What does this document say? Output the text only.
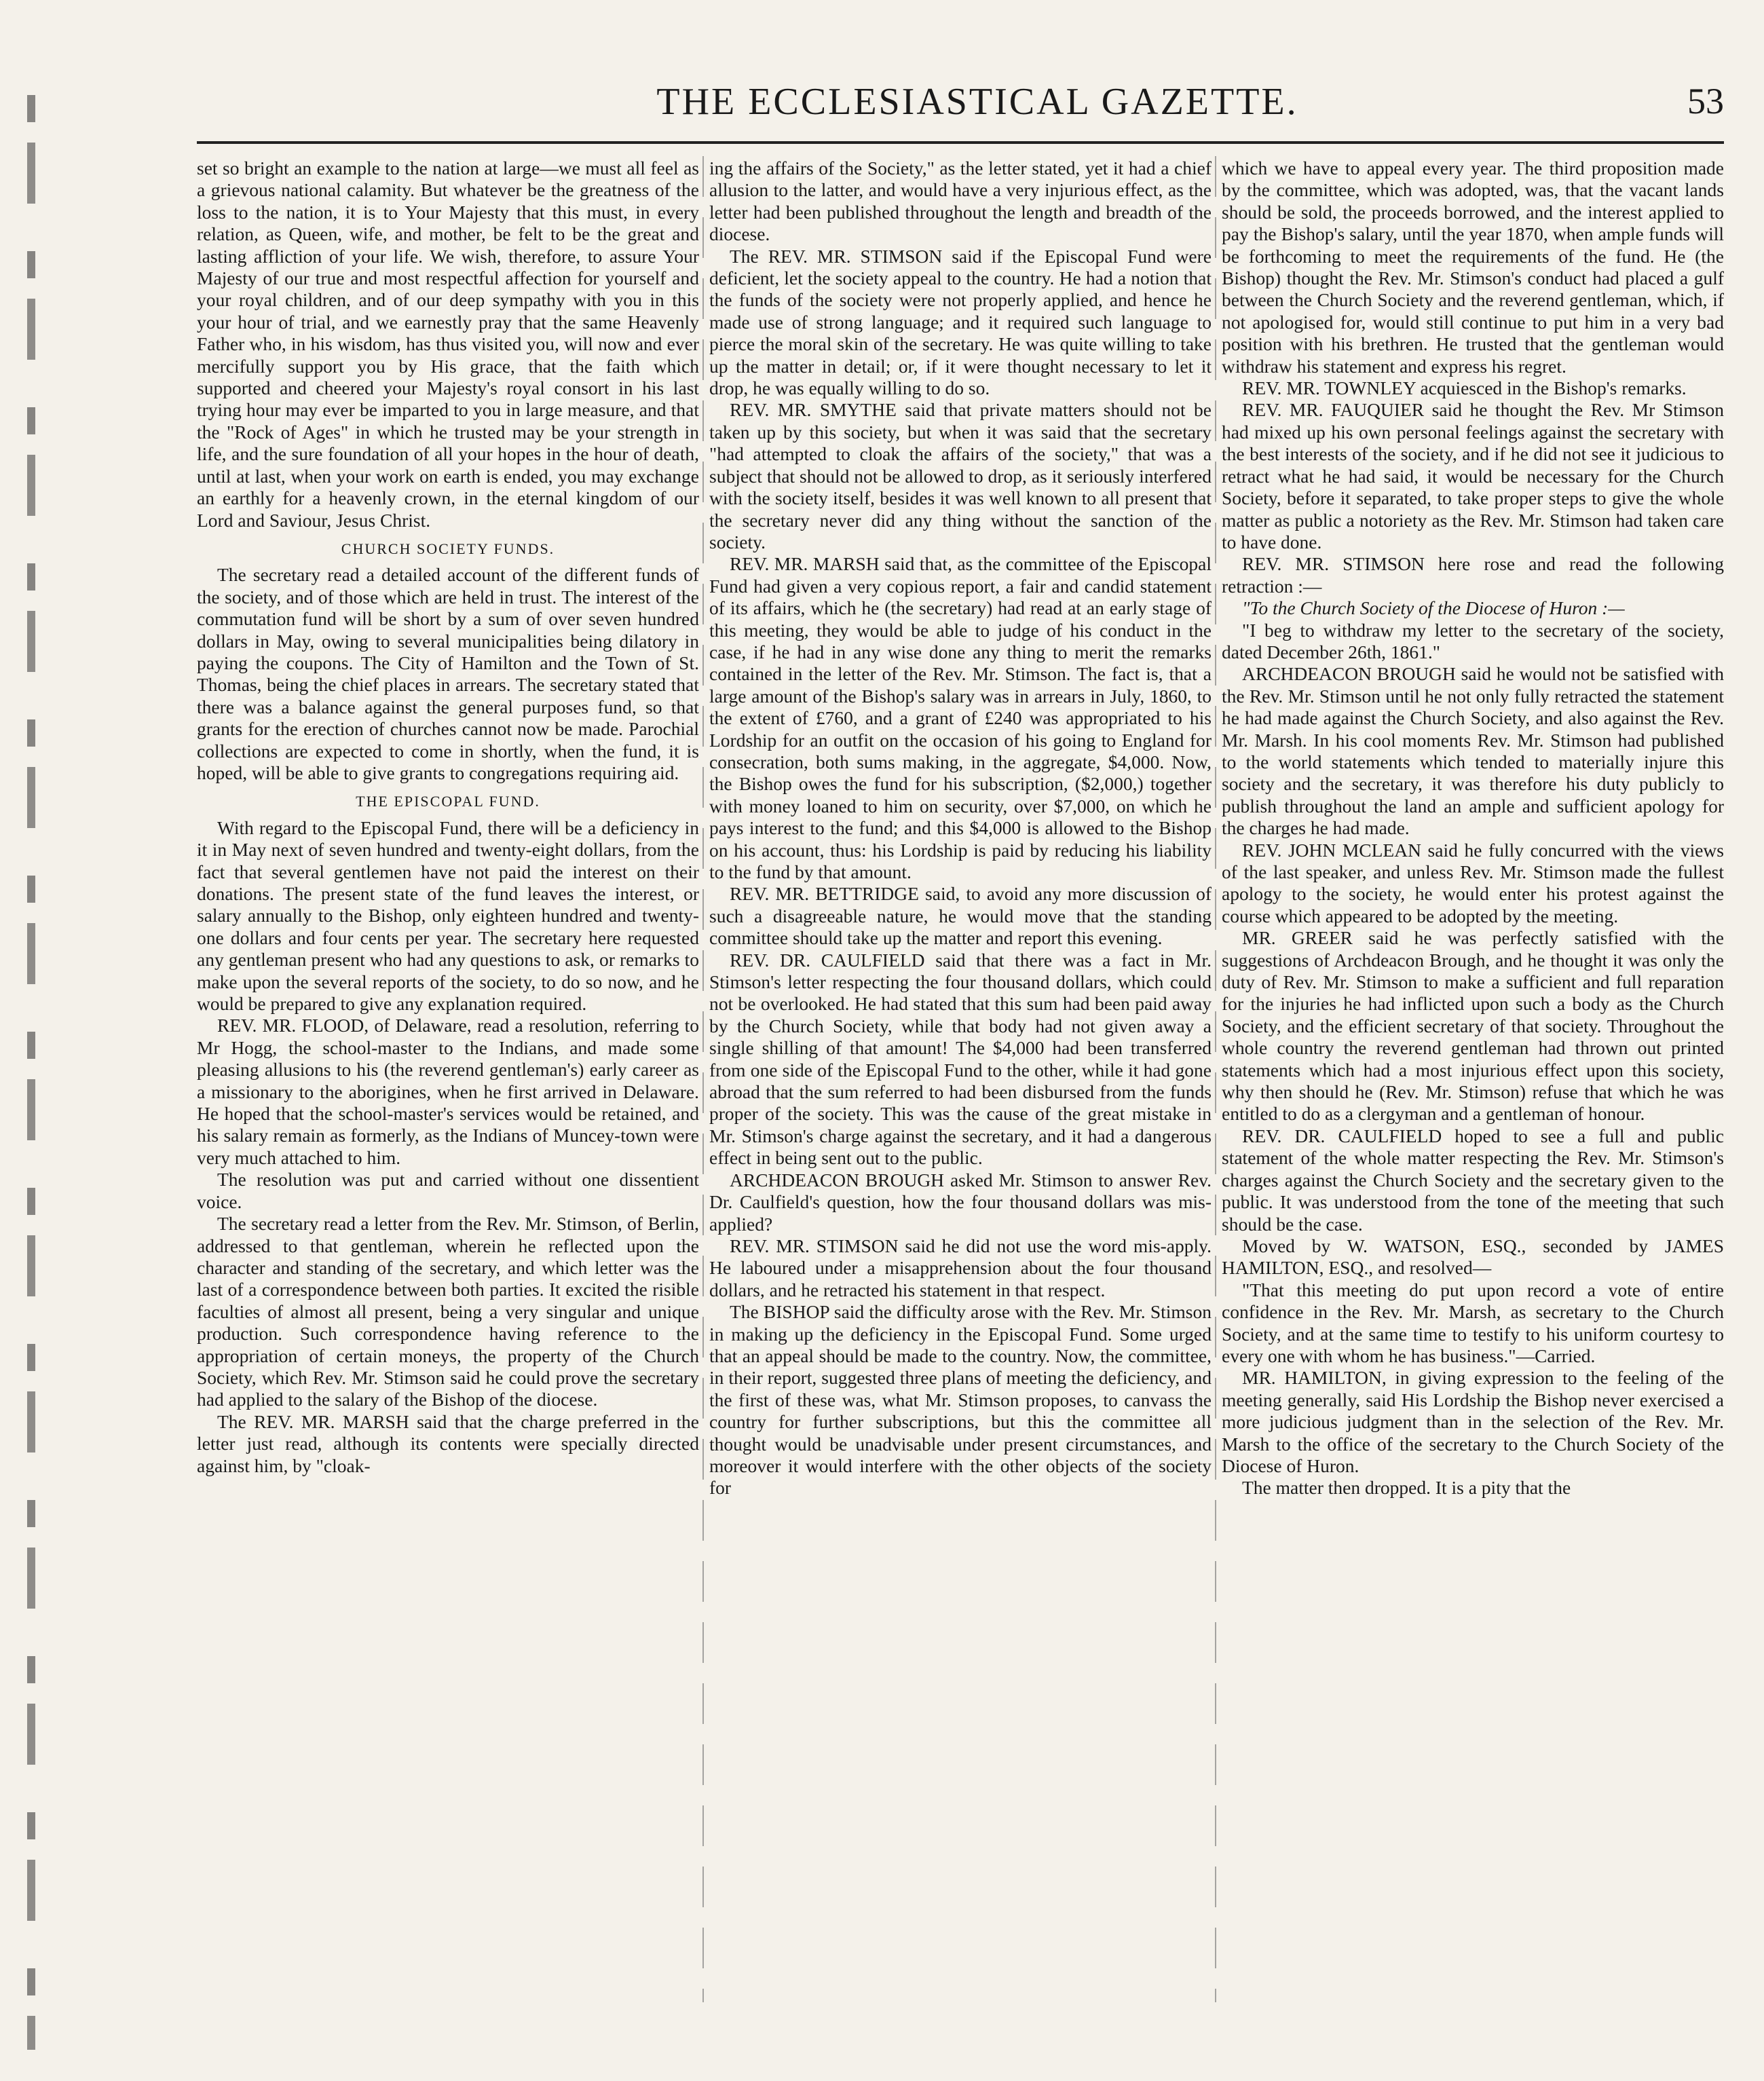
THE ECCLESIASTICAL GAZETTE.	53

set so bright an example to the nation at large—we must all feel as a grievous national calamity. But whatever be the greatness of the loss to the nation, it is to Your Majesty that this must, in every relation, as Queen, wife, and mother, be felt to be the great and lasting affliction of your life. We wish, therefore, to assure Your Majesty of our true and most respectful affection for yourself and your royal children, and of our deep sympathy with you in this your hour of trial, and we earnestly pray that the same Heavenly Father who, in his wisdom, has thus visited you, will now and ever mercifully support you by His grace, that the faith which supported and cheered your Majesty's royal consort in his last trying hour may ever be imparted to you in large measure, and that the "Rock of Ages" in which he trusted may be your strength in life, and the sure foundation of all your hopes in the hour of death, until at last, when your work on earth is ended, you may exchange an earthly for a heavenly crown, in the eternal kingdom of our Lord and Saviour, Jesus Christ.

CHURCH SOCIETY FUNDS.

The secretary read a detailed account of the different funds of the society, and of those which are held in trust. The interest of the commutation fund will be short by a sum of over seven hundred dollars in May, owing to several municipalities being dilatory in paying the coupons. The City of Hamilton and the Town of St. Thomas, being the chief places in arrears. The secretary stated that there was a balance against the general purposes fund, so that grants for the erection of churches cannot now be made. Parochial collections are expected to come in shortly, when the fund, it is hoped, will be able to give grants to congregations requiring aid.

THE EPISCOPAL FUND.

With regard to the Episcopal Fund, there will be a deficiency in it in May next of seven hundred and twenty-eight dollars, from the fact that several gentlemen have not paid the interest on their donations. The present state of the fund leaves the interest, or salary annually to the Bishop, only eighteen hundred and twenty-one dollars and four cents per year. The secretary here requested any gentleman present who had any questions to ask, or remarks to make upon the several reports of the society, to do so now, and he would be prepared to give any explanation required.

REV. MR. FLOOD, of Delaware, read a resolution, referring to Mr Hogg, the school-master to the Indians, and made some pleasing allusions to his (the reverend gentleman's) early career as a missionary to the aborigines, when he first arrived in Delaware. He hoped that the school-master's services would be retained, and his salary remain as formerly, as the Indians of Muncey-town were very much attached to him.

The resolution was put and carried without one dissentient voice.

The secretary read a letter from the Rev. Mr. Stimson, of Berlin, addressed to that gentleman, wherein he reflected upon the character and standing of the secretary, and which letter was the last of a correspondence between both parties. It excited the risible faculties of almost all present, being a very singular and unique production. Such correspondence having reference to the appropriation of certain moneys, the property of the Church Society, which Rev. Mr. Stimson said he could prove the secretary had applied to the salary of the Bishop of the diocese.

The REV. MR. MARSH said that the charge preferred in the letter just read, although its contents were specially directed against him, by "cloak-

ing the affairs of the Society," as the letter stated, yet it had a chief allusion to the latter, and would have a very injurious effect, as the letter had been published throughout the length and breadth of the diocese.

The REV. MR. STIMSON said if the Episcopal Fund were deficient, let the society appeal to the country. He had a notion that the funds of the society were not properly applied, and hence he made use of strong language; and it required such language to pierce the moral skin of the secretary. He was quite willing to take up the matter in detail; or, if it were thought necessary to let it drop, he was equally willing to do so.

REV. MR. SMYTHE said that private matters should not be taken up by this society, but when it was said that the secretary "had attempted to cloak the affairs of the society," that was a subject that should not be allowed to drop, as it seriously interfered with the society itself, besides it was well known to all present that the secretary never did any thing without the sanction of the society.

REV. MR. MARSH said that, as the committee of the Episcopal Fund had given a very copious report, a fair and candid statement of its affairs, which he (the secretary) had read at an early stage of this meeting, they would be able to judge of his conduct in the case, if he had in any wise done any thing to merit the remarks contained in the letter of the Rev. Mr. Stimson. The fact is, that a large amount of the Bishop's salary was in arrears in July, 1860, to the extent of £760, and a grant of £240 was appropriated to his Lordship for an outfit on the occasion of his going to England for consecration, both sums making, in the aggregate, $4,000. Now, the Bishop owes the fund for his subscription, ($2,000,) together with money loaned to him on security, over $7,000, on which he pays interest to the fund; and this $4,000 is allowed to the Bishop on his account, thus: his Lordship is paid by reducing his liability to the fund by that amount.

REV. MR. BETTRIDGE said, to avoid any more discussion of such a disagreeable nature, he would move that the standing committee should take up the matter and report this evening.

REV. DR. CAULFIELD said that there was a fact in Mr. Stimson's letter respecting the four thousand dollars, which could not be overlooked. He had stated that this sum had been paid away by the Church Society, while that body had not given away a single shilling of that amount! The $4,000 had been transferred from one side of the Episcopal Fund to the other, while it had gone abroad that the sum referred to had been disbursed from the funds proper of the society. This was the cause of the great mistake in Mr. Stimson's charge against the secretary, and it had a dangerous effect in being sent out to the public.

ARCHDEACON BROUGH asked Mr. Stimson to answer Rev. Dr. Caulfield's question, how the four thousand dollars was mis-applied?

REV. MR. STIMSON said he did not use the word mis-apply. He laboured under a misapprehension about the four thousand dollars, and he retracted his statement in that respect.

The BISHOP said the difficulty arose with the Rev. Mr. Stimson in making up the deficiency in the Episcopal Fund. Some urged that an appeal should be made to the country. Now, the committee, in their report, suggested three plans of meeting the deficiency, and the first of these was, what Mr. Stimson proposes, to canvass the country for further subscriptions, but this the committee all thought would be unadvisable under present circumstances, and moreover it would interfere with the other objects of the society for

which we have to appeal every year. The third proposition made by the committee, which was adopted, was, that the vacant lands should be sold, the proceeds borrowed, and the interest applied to pay the Bishop's salary, until the year 1870, when ample funds will be forthcoming to meet the requirements of the fund. He (the Bishop) thought the Rev. Mr. Stimson's conduct had placed a gulf between the Church Society and the reverend gentleman, which, if not apologised for, would still continue to put him in a very bad position with his brethren. He trusted that the gentleman would withdraw his statement and express his regret.

REV. MR. TOWNLEY acquiesced in the Bishop's remarks.

REV. MR. FAUQUIER said he thought the Rev. Mr Stimson had mixed up his own personal feelings against the secretary with the best interests of the society, and if he did not see it judicious to retract what he had said, it would be necessary for the Church Society, before it separated, to take proper steps to give the whole matter as public a notoriety as the Rev. Mr. Stimson had taken care to have done.

REV. MR. STIMSON here rose and read the following retraction :—

"To the Church Society of the Diocese of Huron :—

"I beg to withdraw my letter to the secretary of the society, dated December 26th, 1861."

ARCHDEACON BROUGH said he would not be satisfied with the Rev. Mr. Stimson until he not only fully retracted the statement he had made against the Church Society, and also against the Rev. Mr. Marsh. In his cool moments Rev. Mr. Stimson had published to the world statements which tended to materially injure this society and the secretary, it was therefore his duty publicly to publish throughout the land an ample and sufficient apology for the charges he had made.

REV. JOHN MCLEAN said he fully concurred with the views of the last speaker, and unless Rev. Mr. Stimson made the fullest apology to the society, he would enter his protest against the course which appeared to be adopted by the meeting.

MR. GREER said he was perfectly satisfied with the suggestions of Archdeacon Brough, and he thought it was only the duty of Rev. Mr. Stimson to make a sufficient and full reparation for the injuries he had inflicted upon such a body as the Church Society, and the efficient secretary of that society. Throughout the whole country the reverend gentleman had thrown out printed statements which had a most injurious effect upon this society, why then should he (Rev. Mr. Stimson) refuse that which he was entitled to do as a clergyman and a gentleman of honour.

REV. DR. CAULFIELD hoped to see a full and public statement of the whole matter respecting the Rev. Mr. Stimson's charges against the Church Society and the secretary given to the public. It was understood from the tone of the meeting that such should be the case.

Moved by W. WATSON, ESQ., seconded by JAMES HAMILTON, ESQ., and resolved—

"That this meeting do put upon record a vote of entire confidence in the Rev. Mr. Marsh, as secretary to the Church Society, and at the same time to testify to his uniform courtesy to every one with whom he has business."—Carried.

MR. HAMILTON, in giving expression to the feeling of the meeting generally, said His Lordship the Bishop never exercised a more judicious judgment than in the selection of the Rev. Mr. Marsh to the office of the secretary to the Church Society of the Diocese of Huron.

The matter then dropped. It is a pity that the
